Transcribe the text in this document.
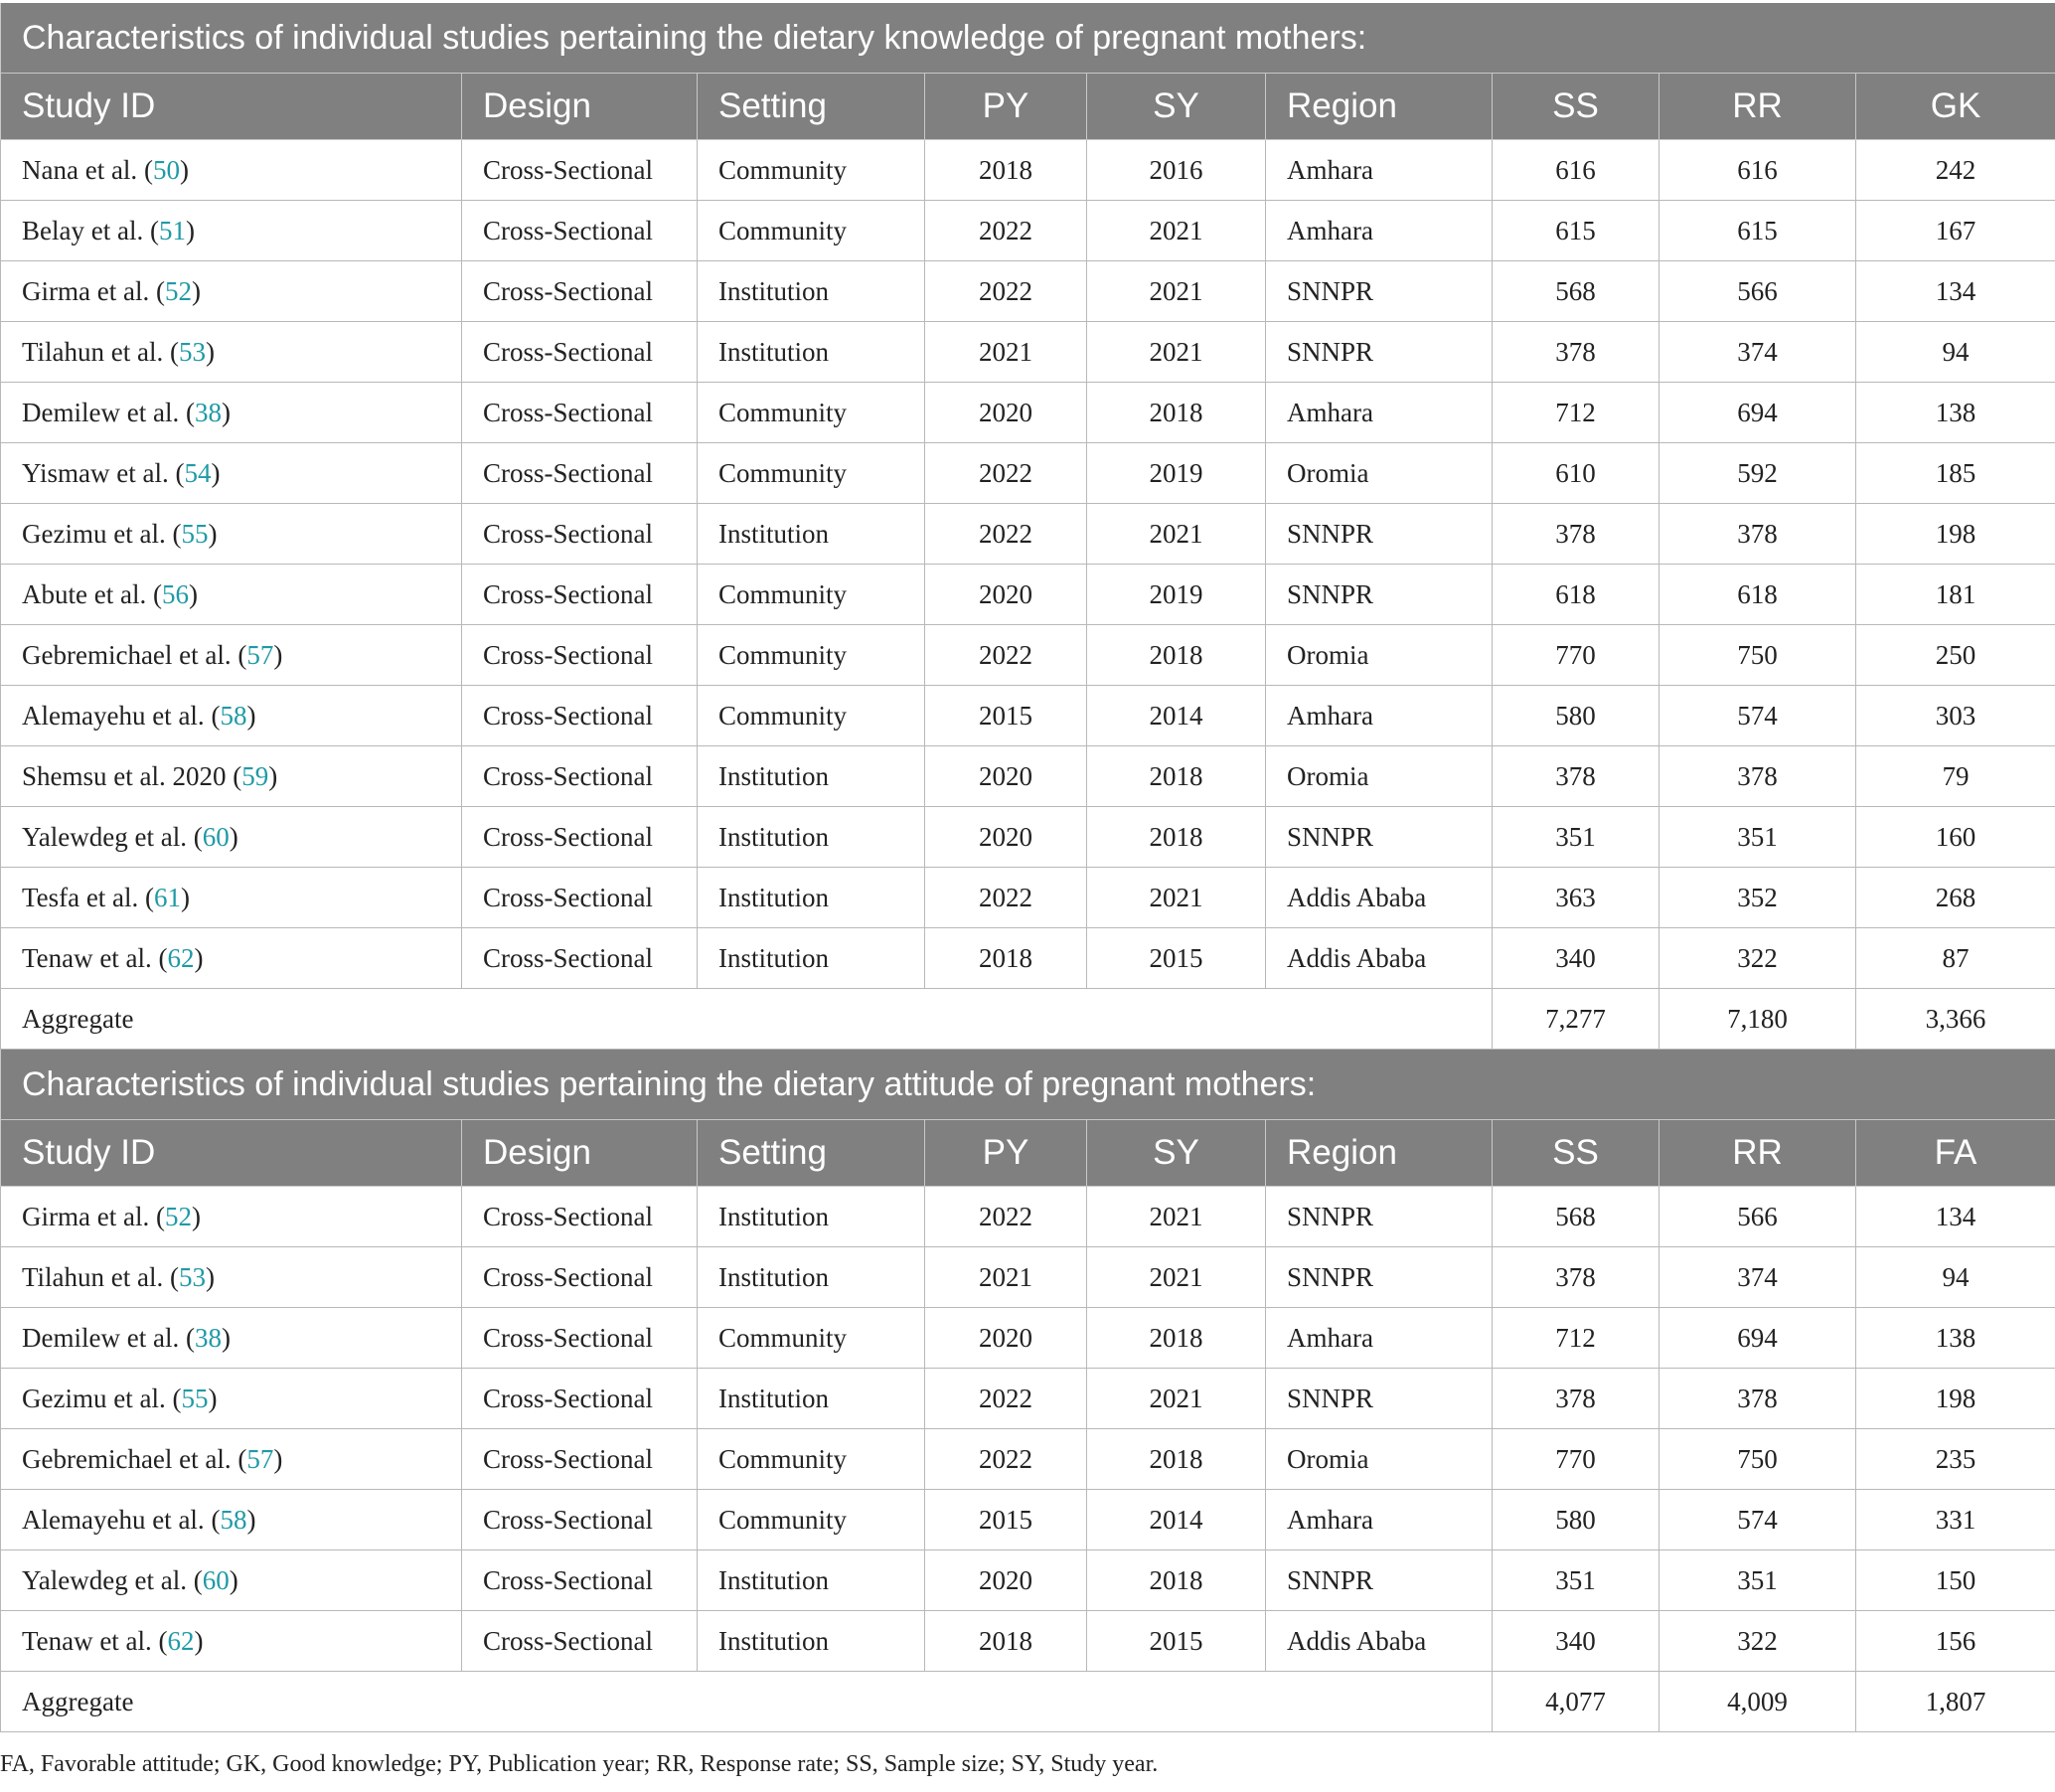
Characteristics of individual studies pertaining the dietary knowledge of pregnant mothers:								
Study ID	Design	Setting	PY	SY	Region	SS	RR	GK
Nana et al. (50)	Cross-Sectional	Community	2018	2016	Amhara	616	616	242
Belay et al. (51)	Cross-Sectional	Community	2022	2021	Amhara	615	615	167
Girma et al. (52)	Cross-Sectional	Institution	2022	2021	SNNPR	568	566	134
Tilahun et al. (53)	Cross-Sectional	Institution	2021	2021	SNNPR	378	374	94
Demilew et al. (38)	Cross-Sectional	Community	2020	2018	Amhara	712	694	138
Yismaw et al. (54)	Cross-Sectional	Community	2022	2019	Oromia	610	592	185
Gezimu et al. (55)	Cross-Sectional	Institution	2022	2021	SNNPR	378	378	198
Abute et al. (56)	Cross-Sectional	Community	2020	2019	SNNPR	618	618	181
Gebremichael et al. (57)	Cross-Sectional	Community	2022	2018	Oromia	770	750	250
Alemayehu et al. (58)	Cross-Sectional	Community	2015	2014	Amhara	580	574	303
Shemsu et al. 2020 (59)	Cross-Sectional	Institution	2020	2018	Oromia	378	378	79
Yalewdeg et al. (60)	Cross-Sectional	Institution	2020	2018	SNNPR	351	351	160
Tesfa et al. (61)	Cross-Sectional	Institution	2022	2021	Addis Ababa	363	352	268
Tenaw et al. (62)	Cross-Sectional	Institution	2018	2015	Addis Ababa	340	322	87
Aggregate						7,277	7,180	3,366
Characteristics of individual studies pertaining the dietary attitude of pregnant mothers:								
Study ID	Design	Setting	PY	SY	Region	SS	RR	FA
Girma et al. (52)	Cross-Sectional	Institution	2022	2021	SNNPR	568	566	134
Tilahun et al. (53)	Cross-Sectional	Institution	2021	2021	SNNPR	378	374	94
Demilew et al. (38)	Cross-Sectional	Community	2020	2018	Amhara	712	694	138
Gezimu et al. (55)	Cross-Sectional	Institution	2022	2021	SNNPR	378	378	198
Gebremichael et al. (57)	Cross-Sectional	Community	2022	2018	Oromia	770	750	235
Alemayehu et al. (58)	Cross-Sectional	Community	2015	2014	Amhara	580	574	331
Yalewdeg et al. (60)	Cross-Sectional	Institution	2020	2018	SNNPR	351	351	150
Tenaw et al. (62)	Cross-Sectional	Institution	2018	2015	Addis Ababa	340	322	156
Aggregate						4,077	4,009	1,807
FA, Favorable attitude; GK, Good knowledge; PY, Publication year; RR, Response rate; SS, Sample size; SY, Study year.
